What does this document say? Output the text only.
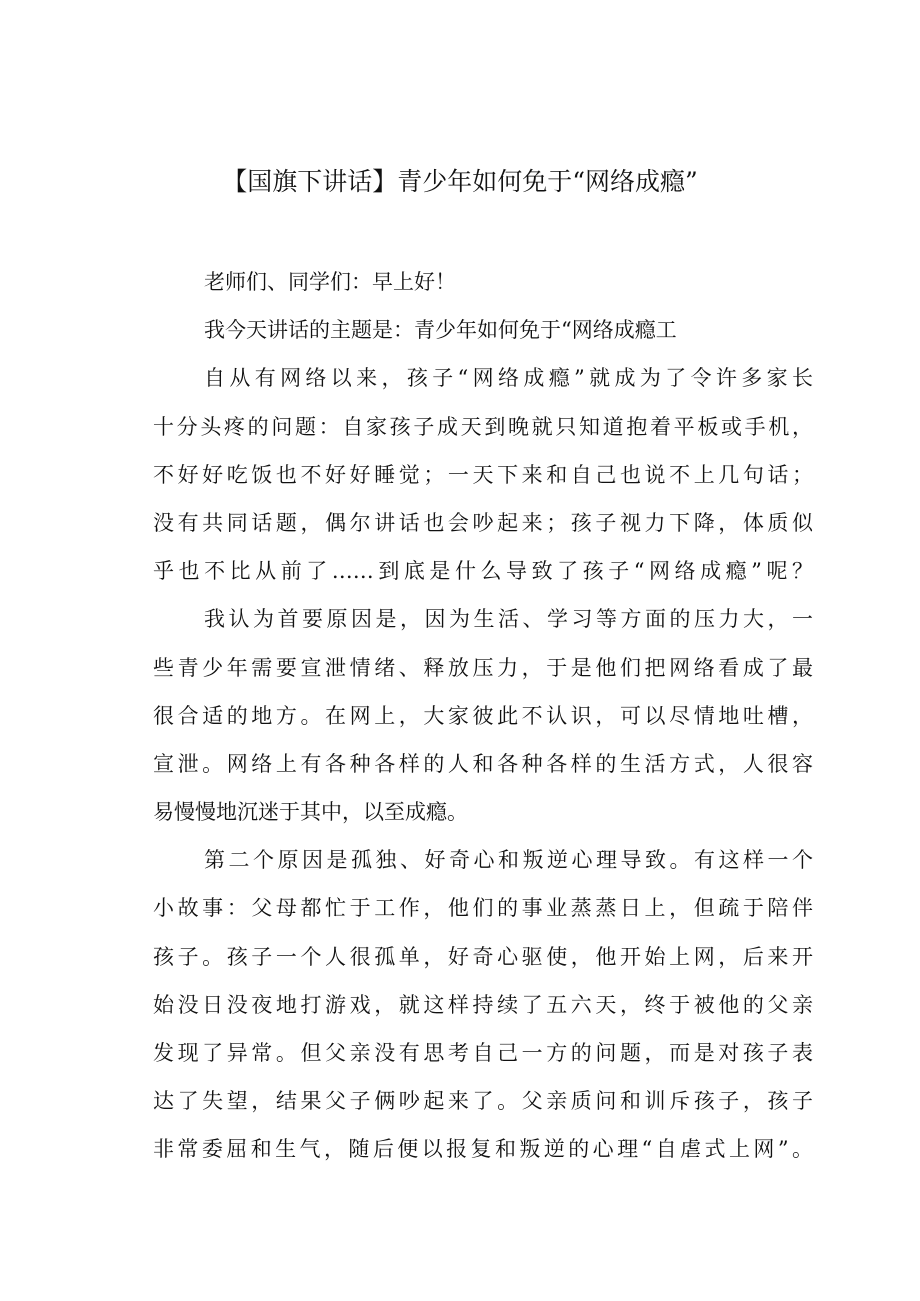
【国旗下讲话】青少年如何免于“网络成瘾”
老师们、同学们：早上好！
我今天讲话的主题是：青少年如何免于“网络成瘾工
自从有网络以来，孩子“网络成瘾”就成为了令许多家长
十分头疼的问题：自家孩子成天到晚就只知道抱着平板或手机，
不好好吃饭也不好好睡觉；一天下来和自己也说不上几句话；
没有共同话题，偶尔讲话也会吵起来；孩子视力下降，体质似
乎也不比从前了……到底是什么导致了孩子“网络成瘾”呢？
我认为首要原因是，因为生活、学习等方面的压力大，一
些青少年需要宣泄情绪、释放压力，于是他们把网络看成了最
很合适的地方。在网上，大家彼此不认识，可以尽情地吐槽，
宣泄。网络上有各种各样的人和各种各样的生活方式，人很容
易慢慢地沉迷于其中，以至成瘾。
第二个原因是孤独、好奇心和叛逆心理导致。有这样一个
小故事：父母都忙于工作，他们的事业蒸蒸日上，但疏于陪伴
孩子。孩子一个人很孤单，好奇心驱使，他开始上网，后来开
始没日没夜地打游戏，就这样持续了五六天，终于被他的父亲
发现了异常。但父亲没有思考自己一方的问题，而是对孩子表
达了失望，结果父子俩吵起来了。父亲质问和训斥孩子，孩子
非常委屈和生气，随后便以报复和叛逆的心理“自虐式上网”。
